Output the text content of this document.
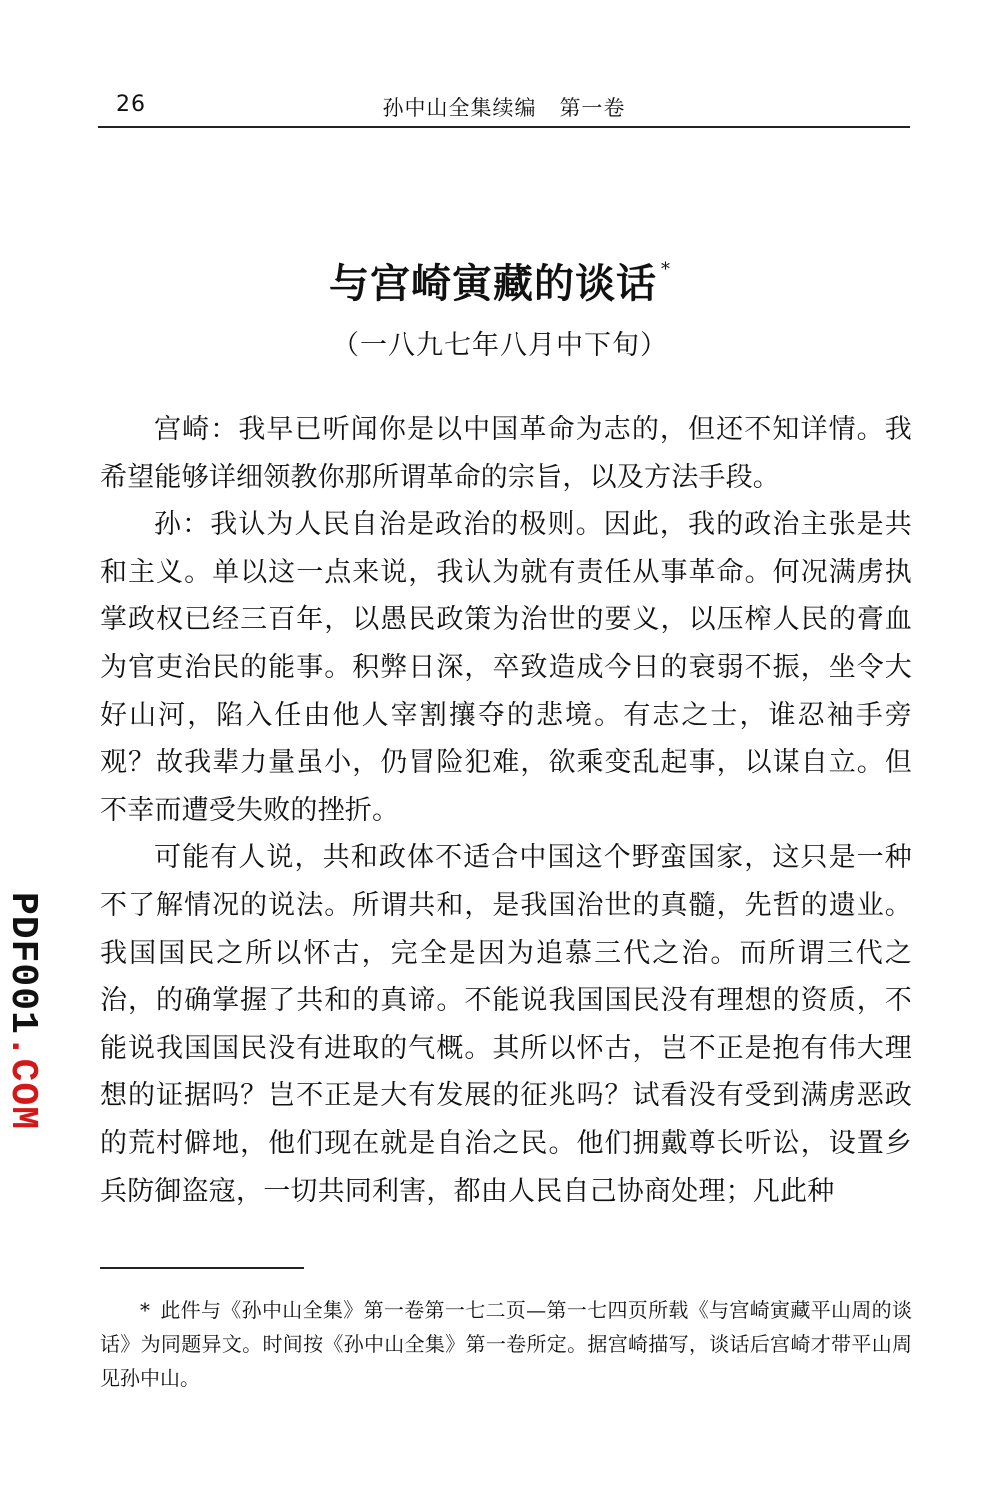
26	孙中山全集续编   第一卷
与宫崎寅藏的谈话 *
（一八九七年八月中下旬）

宫崎：我早已听闻你是以中国革命为志的，但还不知详情。我希望能够详细领教你那所谓革命的宗旨，以及方法手段。

孙：我认为人民自治是政治的极则。因此，我的政治主张是共和主义。单以这一点来说，我认为就有责任从事革命。何况满虏执掌政权已经三百年，以愚民政策为治世的要义，以压榨人民的膏血为官吏治民的能事。积弊日深，卒致造成今日的衰弱不振，坐令大好山河，陷入任由他人宰割攘夺的悲境。有志之士，谁忍袖手旁观？故我辈力量虽小，仍冒险犯难，欲乘变乱起事，以谋自立。但不幸而遭受失败的挫折。

可能有人说，共和政体不适合中国这个野蛮国家，这只是一种不了解情况的说法。所谓共和，是我国治世的真髓，先哲的遗业。我国国民之所以怀古，完全是因为追慕三代之治。而所谓三代之治，的确掌握了共和的真谛。不能说我国国民没有理想的资质，不能说我国国民没有进取的气概。其所以怀古，岂不正是抱有伟大理想的证据吗？岂不正是大有发展的征兆吗？试看没有受到满虏恶政的荒村僻地，他们现在就是自治之民。他们拥戴尊长听讼，设置乡兵防御盗寇，一切共同利害，都由人民自己协商处理；凡此种

* 此件与《孙中山全集》第一卷第一七二页—第一七四页所载《与宫崎寅藏平山周的谈话》为同题异文。时间按《孙中山全集》第一卷所定。据宫崎描写，谈话后宫崎才带平山周见孙中山。

PDF001.COM
